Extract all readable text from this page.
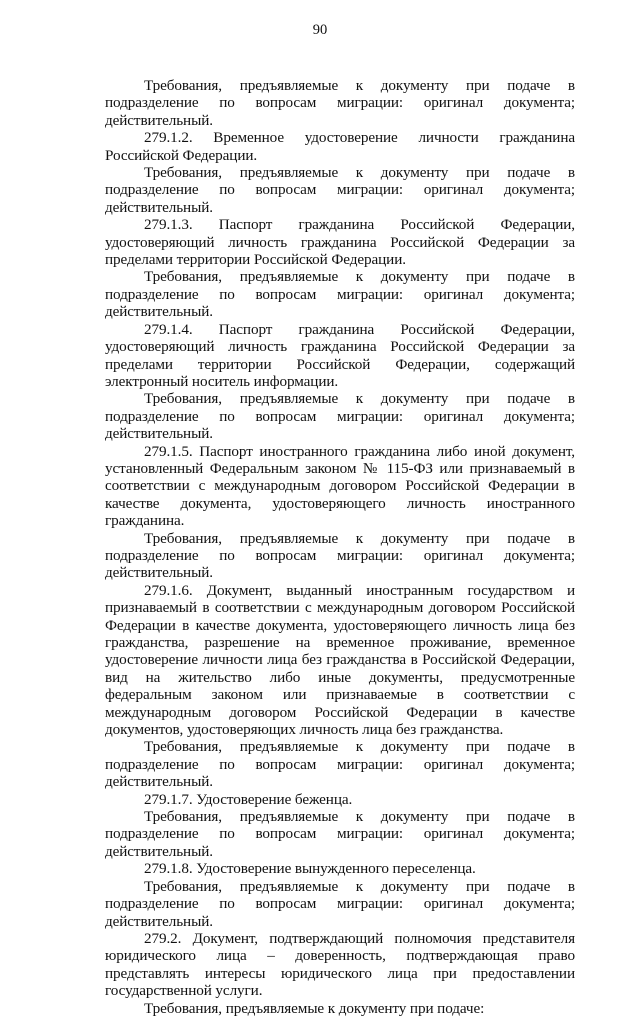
90

Требования, предъявляемые к документу при подаче в подразделение по вопросам миграции: оригинал документа; действительный.

279.1.2. Временное удостоверение личности гражданина Российской Федерации.

Требования, предъявляемые к документу при подаче в подразделение по вопросам миграции: оригинал документа; действительный.

279.1.3. Паспорт гражданина Российской Федерации, удостоверяющий личность гражданина Российской Федерации за пределами территории Российской Федерации.

Требования, предъявляемые к документу при подаче в подразделение по вопросам миграции: оригинал документа; действительный.

279.1.4. Паспорт гражданина Российской Федерации, удостоверяющий личность гражданина Российской Федерации за пределами территории Российской Федерации, содержащий электронный носитель информации.

Требования, предъявляемые к документу при подаче в подразделение по вопросам миграции: оригинал документа; действительный.

279.1.5. Паспорт иностранного гражданина либо иной документ, установленный Федеральным законом № 115-ФЗ или признаваемый в соответствии с международным договором Российской Федерации в качестве документа, удостоверяющего личность иностранного гражданина.

Требования, предъявляемые к документу при подаче в подразделение по вопросам миграции: оригинал документа; действительный.

279.1.6. Документ, выданный иностранным государством и признаваемый в соответствии с международным договором Российской Федерации в качестве документа, удостоверяющего личность лица без гражданства, разрешение на временное проживание, временное удостоверение личности лица без гражданства в Российской Федерации, вид на жительство либо иные документы, предусмотренные федеральным законом или признаваемые в соответствии с международным договором Российской Федерации в качестве документов, удостоверяющих личность лица без гражданства.

Требования, предъявляемые к документу при подаче в подразделение по вопросам миграции: оригинал документа; действительный.

279.1.7. Удостоверение беженца.

Требования, предъявляемые к документу при подаче в подразделение по вопросам миграции: оригинал документа; действительный.

279.1.8. Удостоверение вынужденного переселенца.

Требования, предъявляемые к документу при подаче в подразделение по вопросам миграции: оригинал документа; действительный.

279.2. Документ, подтверждающий полномочия представителя юридического лица – доверенность, подтверждающая право представлять интересы юридического лица при предоставлении государственной услуги.

Требования, предъявляемые к документу при подаче:
